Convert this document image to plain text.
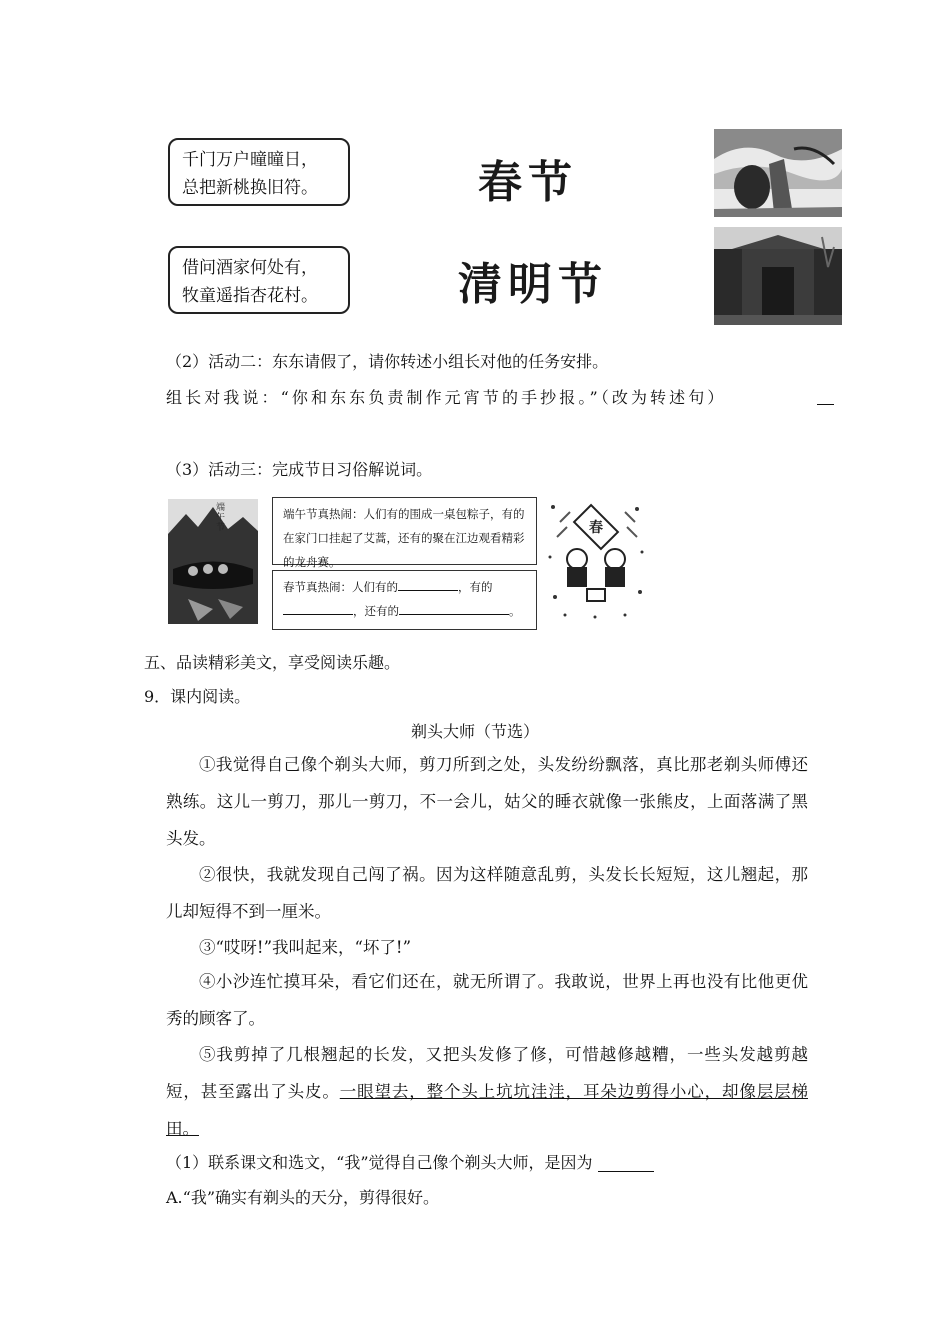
千门万户曈曈日，
总把新桃换旧符。
借问酒家何处有，
牧童遥指杏花村。
春节
清明节
（2）活动二：东东请假了，请你转述小组长对他的任务安排。
组长对我说：“你和东东负责制作元宵节的手抄报。”（改为转述句）
（3）活动三：完成节日习俗解说词。
端午节
端午节真热闹：人们有的围成一桌包粽子，有的在家门口挂起了艾蒿，还有的聚在江边观看精彩的龙舟赛。
春节真热闹：人们有的	，有的
，还有的	。
春
五、品读精彩美文，享受阅读乐趣。
9．课内阅读。
剃头大师（节选）
①我觉得自己像个剃头大师，剪刀所到之处，头发纷纷飘落，真比那老剃头师傅还熟练。这儿一剪刀，那儿一剪刀，不一会儿，姑父的睡衣就像一张熊皮，上面落满了黑头发。
②很快，我就发现自己闯了祸。因为这样随意乱剪，头发长长短短，这儿翘起，那儿却短得不到一厘米。
③“哎呀!”我叫起来，“坏了!”
④小沙连忙摸耳朵，看它们还在，就无所谓了。我敢说，世界上再也没有比他更优秀的顾客了。
⑤我剪掉了几根翘起的长发，又把头发修了修，可惜越修越糟，一些头发越剪越短，甚至露出了头皮。一眼望去，整个头上坑坑洼洼，耳朵边剪得小心，却像层层梯田。
（1）联系课文和选文，“我”觉得自己像个剃头大师，是因为
A.“我”确实有剃头的天分，剪得很好。
